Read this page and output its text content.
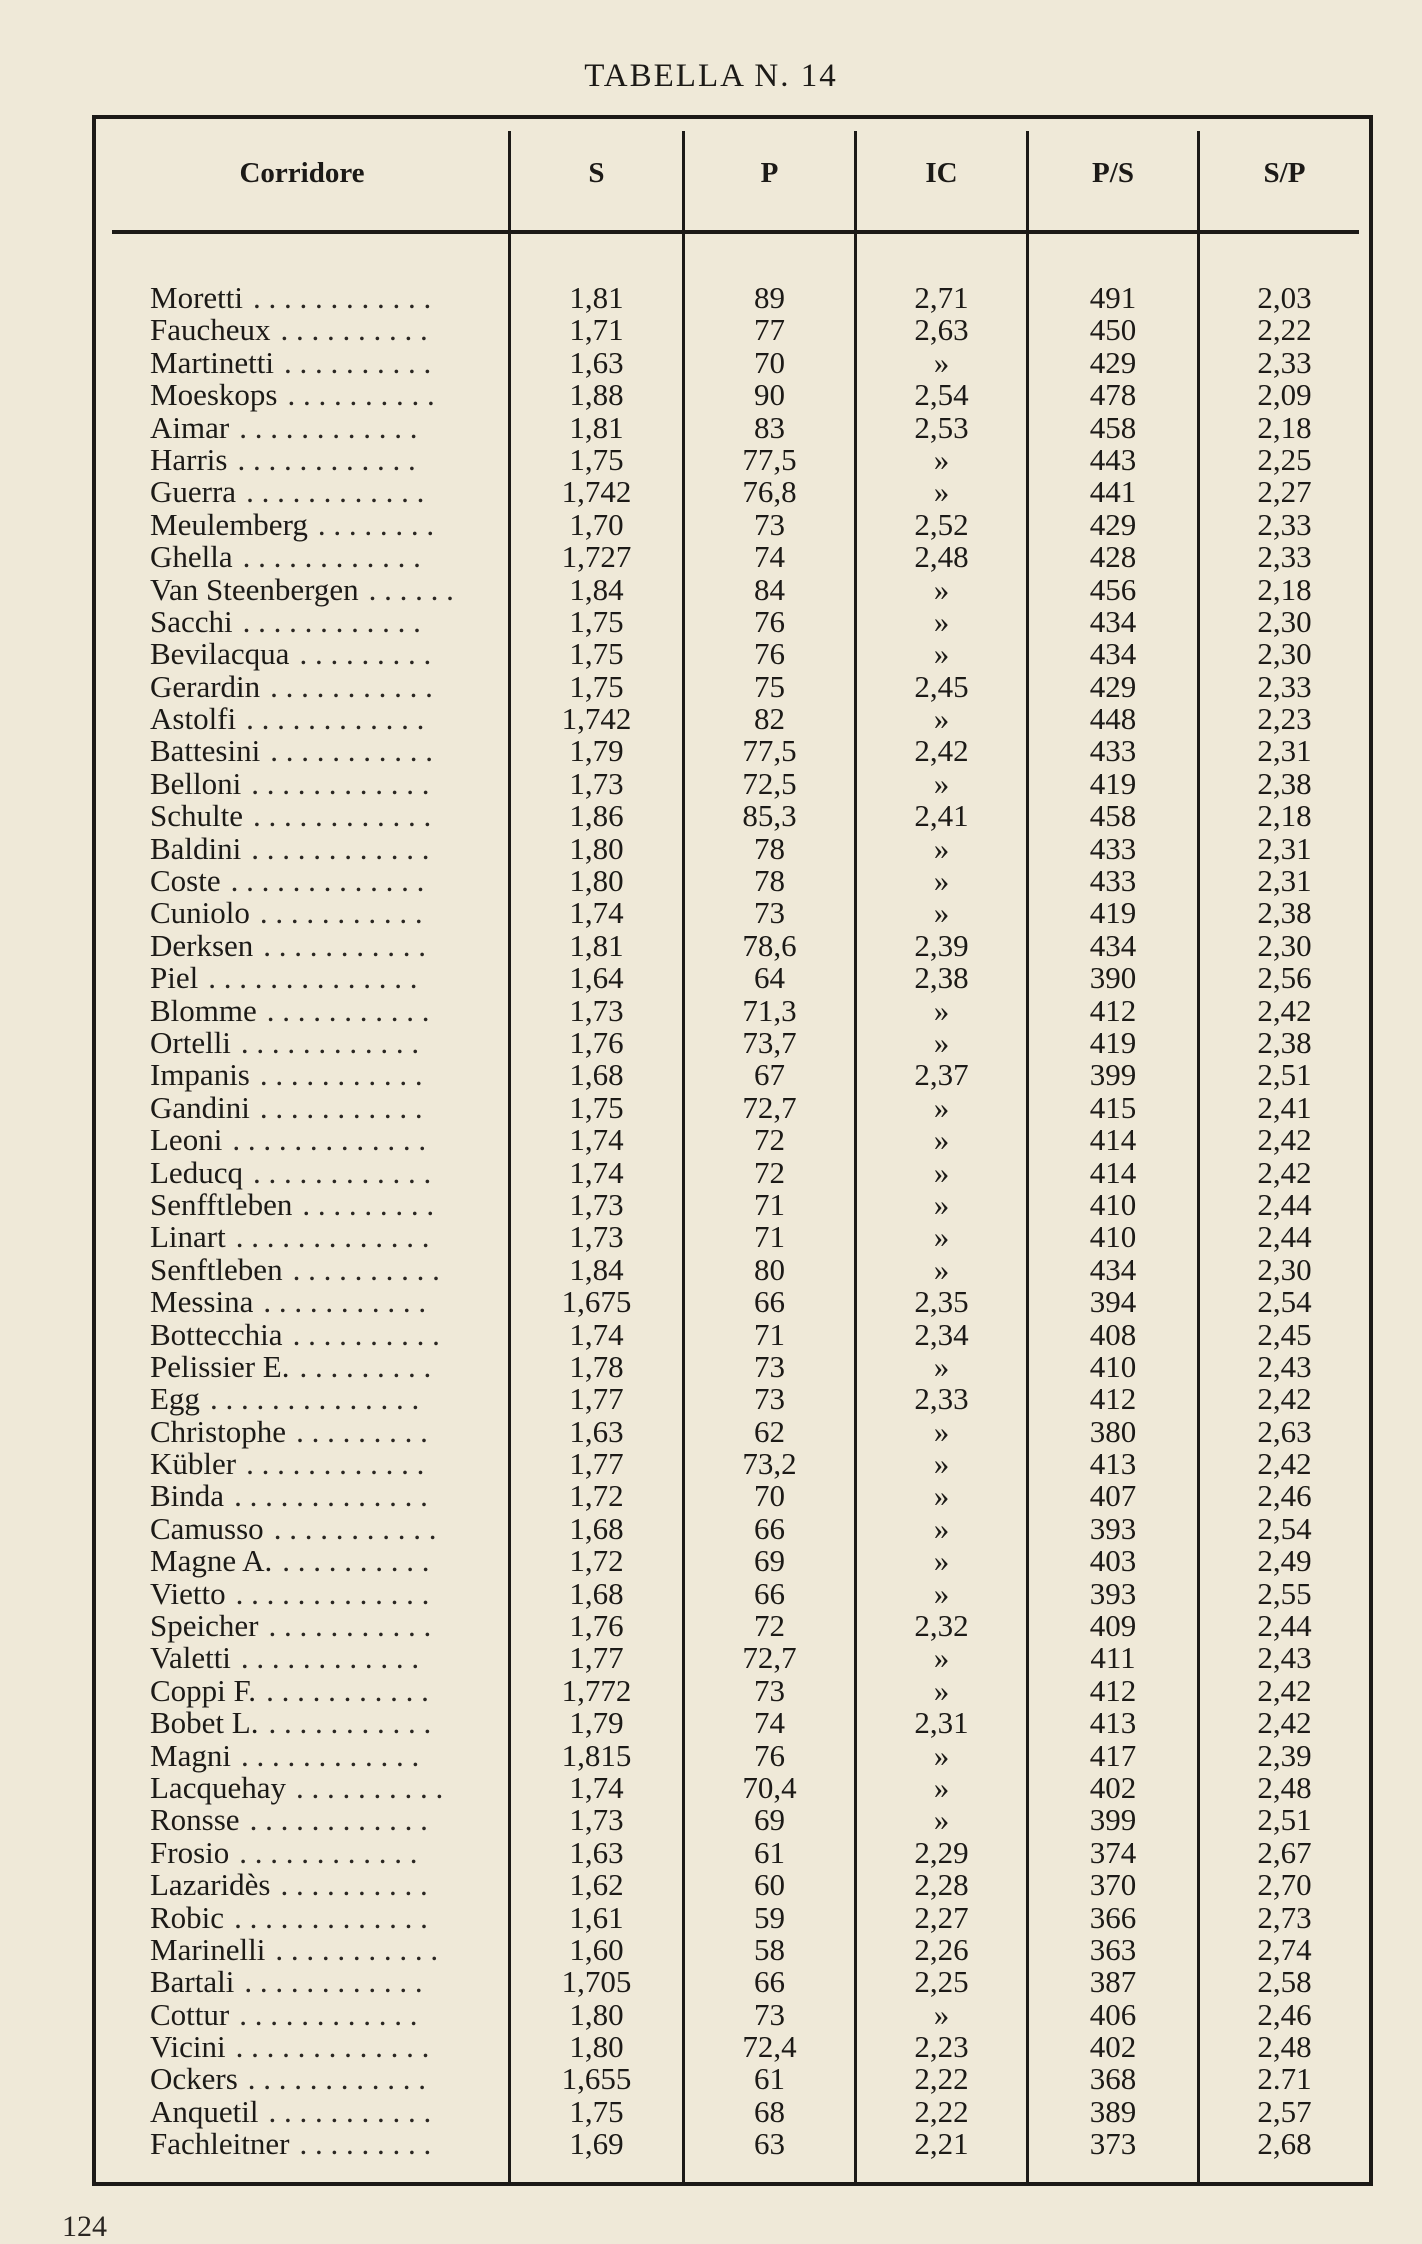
TABELLA N. 14
Corridore	S	P	IC	P/S	S/P
Moretti	1,81	89	2,71	491	2,03
. . . . . . . . . . . .
Faucheux	1,71	77	2,63	450	2,22
. . . . . . . . . .
Martinetti	1,63	70	»	429	2,33
. . . . . . . . . .
Moeskops	1,88	90	2,54	478	2,09
. . . . . . . . . .
Aimar	1,81	83	2,53	458	2,18
. . . . . . . . . . . .
Harris	1,75	77,5	»	443	2,25
. . . . . . . . . . . .
Guerra	1,742	76,8	»	441	2,27
. . . . . . . . . . . .
Meulemberg	1,70	73	2,52	429	2,33
. . . . . . . .
Ghella	1,727	74	2,48	428	2,33
. . . . . . . . . . . .
Van Steenbergen	1,84	84	»	456	2,18
. . . . . .
Sacchi	1,75	76	»	434	2,30
. . . . . . . . . . . .
Bevilacqua	1,75	76	»	434	2,30
. . . . . . . . .
Gerardin	1,75	75	2,45	429	2,33
. . . . . . . . . . .
Astolfi	1,742	82	»	448	2,23
. . . . . . . . . . . .
Battesini	1,79	77,5	2,42	433	2,31
. . . . . . . . . . .
Belloni	1,73	72,5	»	419	2,38
. . . . . . . . . . . .
Schulte	1,86	85,3	2,41	458	2,18
. . . . . . . . . . . .
Baldini	1,80	78	»	433	2,31
. . . . . . . . . . . .
Coste	1,80	78	»	433	2,31
. . . . . . . . . . . . .
Cuniolo	1,74	73	»	419	2,38
. . . . . . . . . . .
Derksen	1,81	78,6	2,39	434	2,30
. . . . . . . . . . .
Piel	1,64	64	2,38	390	2,56
. . . . . . . . . . . . . .
Blomme	1,73	71,3	»	412	2,42
. . . . . . . . . . .
Ortelli	1,76	73,7	»	419	2,38
. . . . . . . . . . . .
Impanis	1,68	67	2,37	399	2,51
. . . . . . . . . . .
Gandini	1,75	72,7	»	415	2,41
. . . . . . . . . . .
Leoni	1,74	72	»	414	2,42
. . . . . . . . . . . . .
Leducq	1,74	72	»	414	2,42
. . . . . . . . . . . .
Senfftleben	1,73	71	»	410	2,44
. . . . . . . . .
Linart	1,73	71	»	410	2,44
. . . . . . . . . . . . .
Senftleben	1,84	80	»	434	2,30
. . . . . . . . . .
Messina	1,675	66	2,35	394	2,54
. . . . . . . . . . .
Bottecchia	1,74	71	2,34	408	2,45
. . . . . . . . . .
Pelissier E.	1,78	73	»	410	2,43
. . . . . . . . .
Egg	1,77	73	2,33	412	2,42
. . . . . . . . . . . . . .
Christophe	1,63	62	»	380	2,63
. . . . . . . . .
Kübler	1,77	73,2	»	413	2,42
. . . . . . . . . . . .
Binda	1,72	70	»	407	2,46
. . . . . . . . . . . . .
Camusso	1,68	66	»	393	2,54
. . . . . . . . . . .
Magne A.	1,72	69	»	403	2,49
. . . . . . . . . .
Vietto	1,68	66	»	393	2,55
. . . . . . . . . . . . .
Speicher	1,76	72	2,32	409	2,44
. . . . . . . . . . .
Valetti	1,77	72,7	»	411	2,43
. . . . . . . . . . . .
Coppi F.	1,772	73	»	412	2,42
. . . . . . . . . . .
Bobet L.	1,79	74	2,31	413	2,42
. . . . . . . . . . .
Magni	1,815	76	»	417	2,39
. . . . . . . . . . . .
Lacquehay	1,74	70,4	»	402	2,48
. . . . . . . . . .
Ronsse	1,73	69	»	399	2,51
. . . . . . . . . . . .
Frosio	1,63	61	2,29	374	2,67
. . . . . . . . . . . .
Lazaridès	1,62	60	2,28	370	2,70
. . . . . . . . . .
Robic	1,61	59	2,27	366	2,73
. . . . . . . . . . . . .
Marinelli	1,60	58	2,26	363	2,74
. . . . . . . . . . .
Bartali	1,705	66	2,25	387	2,58
. . . . . . . . . . . .
Cottur	1,80	73	»	406	2,46
. . . . . . . . . . . .
Vicini	1,80	72,4	2,23	402	2,48
. . . . . . . . . . . . .
Ockers	1,655	61	2,22	368	2.71
. . . . . . . . . . . .
Anquetil	1,75	68	2,22	389	2,57
. . . . . . . . . . .
Fachleitner	1,69	63	2,21	373	2,68
. . . . . . . . .
124
